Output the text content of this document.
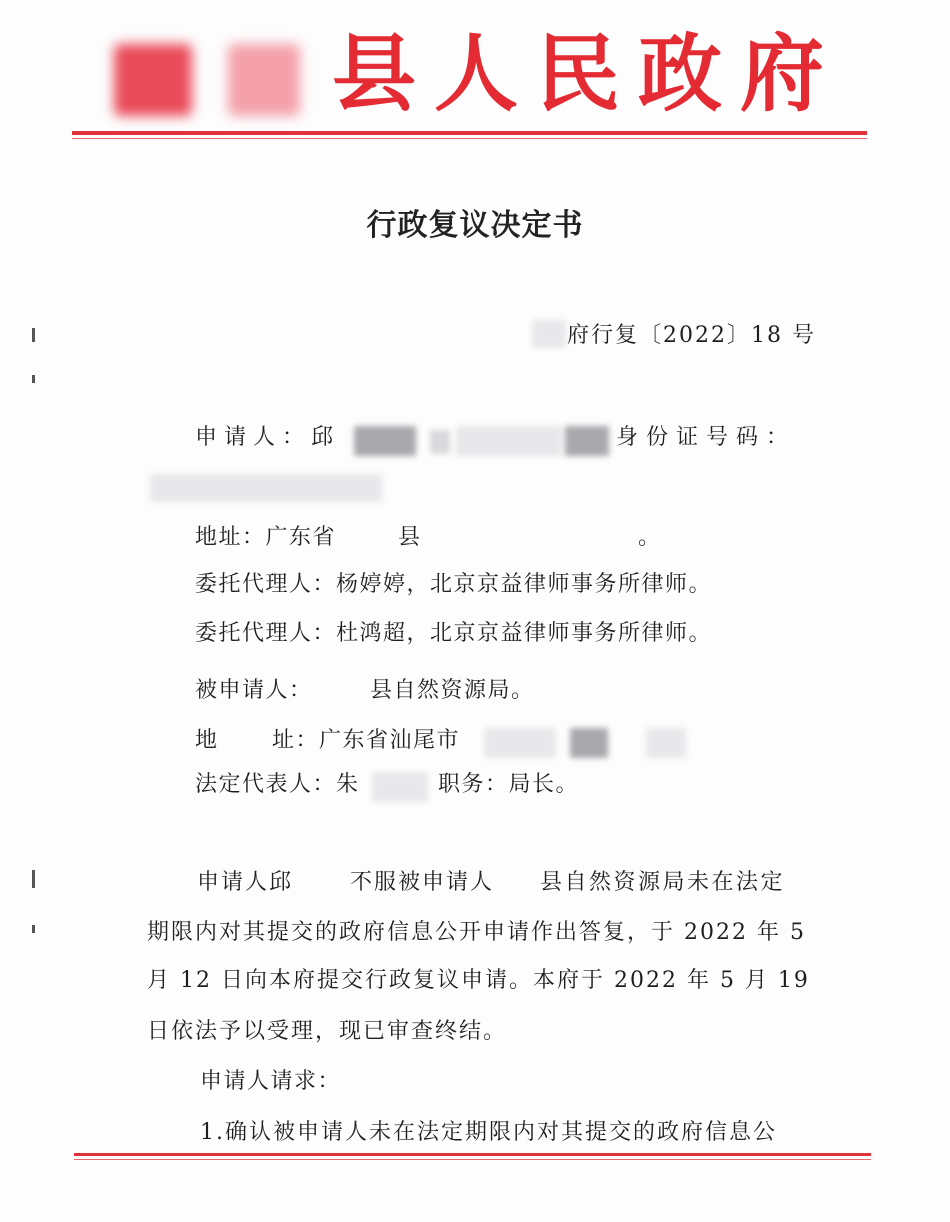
县人民政府
行政复议决定书
府行复〔2022〕18 号
申请人：邱	身份证号码：
地址：广东省	县	。
委托代理人：杨婷婷，北京京益律师事务所律师。
委托代理人：杜鸿超，北京京益律师事务所律师。
被申请人：	县自然资源局。
地 址：广东省汕尾市
法定代表人：朱	职务：局长。
申请人邱	不服被申请人 县自然资源局未在法定
期限内对其提交的政府信息公开申请作出答复，于 2022 年 5
月 12 日向本府提交行政复议申请。本府于 2022 年 5 月 19
日依法予以受理，现已审查终结。
申请人请求：
1.确认被申请人未在法定期限内对其提交的政府信息公
